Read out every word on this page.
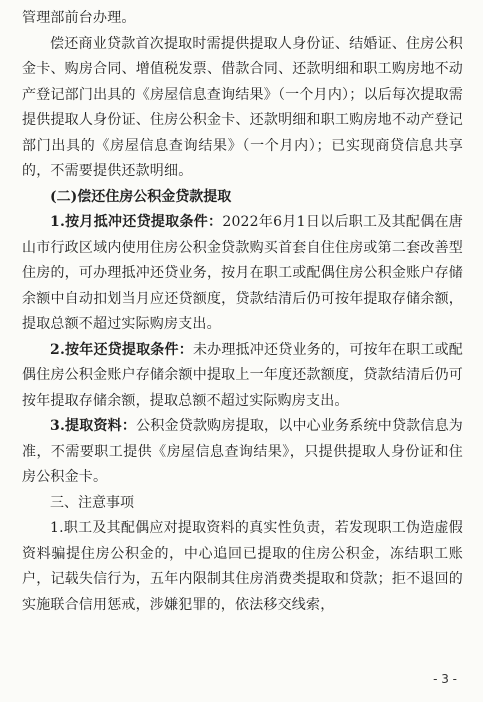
管理部前台办理。

偿还商业贷款首次提取时需提供提取人身份证、结婚证、住房公积金卡、购房合同、增值税发票、借款合同、还款明细和职工购房地不动产登记部门出具的《房屋信息查询结果》（一个月内）；以后每次提取需提供提取人身份证、住房公积金卡、还款明细和职工购房地不动产登记部门出具的《房屋信息查询结果》（一个月内）；已实现商贷信息共享的，不需要提供还款明细。

(二)偿还住房公积金贷款提取

1.按月抵冲还贷提取条件：2022年6月1日以后职工及其配偶在唐山市行政区域内使用住房公积金贷款购买首套自住住房或第二套改善型住房的，可办理抵冲还贷业务，按月在职工或配偶住房公积金账户存储余额中自动扣划当月应还贷额度，贷款结清后仍可按年提取存储余额，提取总额不超过实际购房支出。

2.按年还贷提取条件：未办理抵冲还贷业务的，可按年在职工或配偶住房公积金账户存储余额中提取上一年度还款额度，贷款结清后仍可按年提取存储余额，提取总额不超过实际购房支出。

3.提取资料：公积金贷款购房提取，以中心业务系统中贷款信息为准，不需要职工提供《房屋信息查询结果》，只提供提取人身份证和住房公积金卡。

三、注意事项

1.职工及其配偶应对提取资料的真实性负责，若发现职工伪造虚假资料骗提住房公积金的，中心追回已提取的住房公积金，冻结职工账户，记载失信行为，五年内限制其住房消费类提取和贷款；拒不退回的实施联合信用惩戒，涉嫌犯罪的，依法移交线索，

- 3 -
